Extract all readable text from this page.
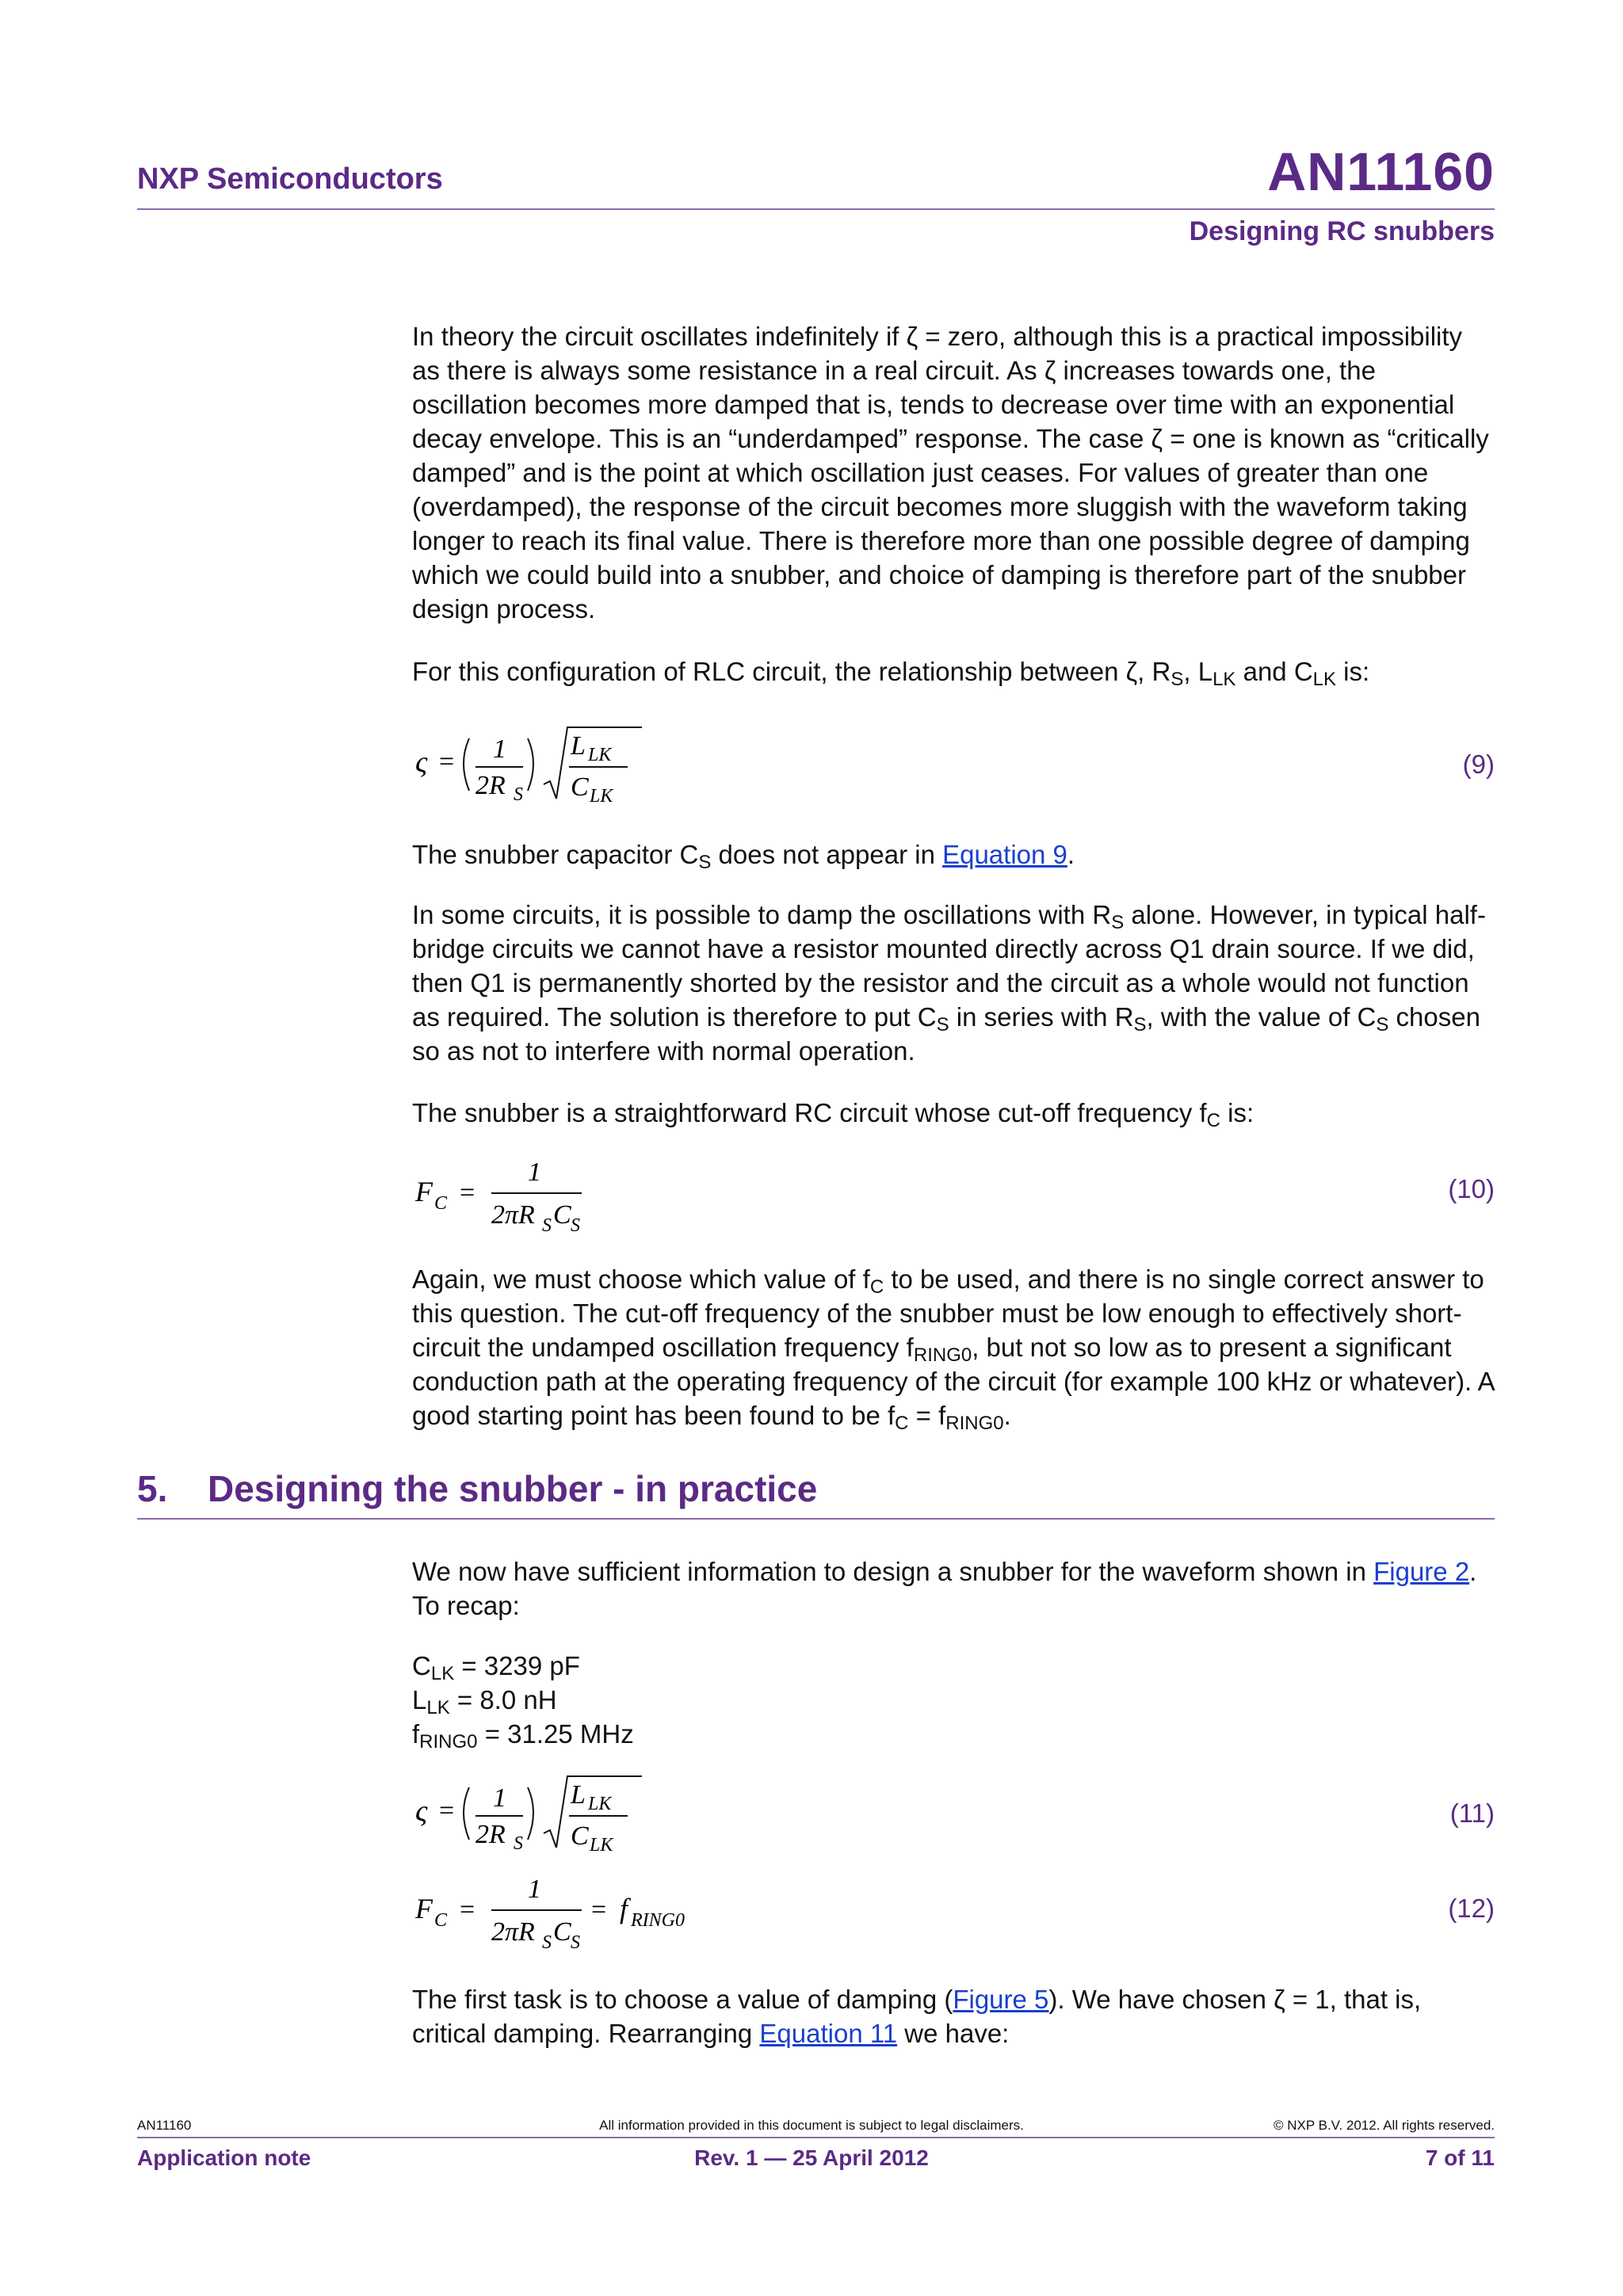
NXP Semiconductors	AN11160
Designing RC snubbers

In theory the circuit oscillates indefinitely if ζ = zero, although this is a practical impossibility as there is always some resistance in a real circuit. As ζ increases towards one, the oscillation becomes more damped that is, tends to decrease over time with an exponential decay envelope. This is an “underdamped” response. The case ζ = one is known as “critically damped” and is the point at which oscillation just ceases. For values of greater than one (overdamped), the response of the circuit becomes more sluggish with the waveform taking longer to reach its final value. There is therefore more than one possible degree of damping which we could build into a snubber, and choice of damping is therefore part of the snubber design process.

For this configuration of RLC circuit, the relationship between ζ, $R_S$, $L_{LK}$ and $C_{LK}$ is:

ς = 1
2R S
L LK
C LK
(9)

The snubber capacitor $C_S$ does not appear in Equation 9.

In some circuits, it is possible to damp the oscillations with $R_S$ alone. However, in typical half-bridge circuits we cannot have a resistor mounted directly across Q1 drain source. If we did, then Q1 is permanently shorted by the resistor and the circuit as a whole would not function as required. The solution is therefore to put $C_S$ in series with $R_S$, with the value of $C_S$ chosen so as not to interfere with normal operation.

The snubber is a straightforward RC circuit whose cut-off frequency $f_C$ is:

F C =
1
2πR S C S
(10)

Again, we must choose which value of $f_C$ to be used, and there is no single correct answer to this question. The cut-off frequency of the snubber must be low enough to effectively short-circuit the undamped oscillation frequency $f_{RING0}$, but not so low as to present a significant conduction path at the operating frequency of the circuit (for example 100 kHz or whatever). A good starting point has been found to be $f_C = f_{RING0}$.

5. Designing the snubber - in practice

We now have sufficient information to design a snubber for the waveform shown in Figure 2. To recap:

$C_{LK} = 3239$ pF

$L_{LK} = 8.0$ nH

$f_{RING0} = 31.25$ MHz

ς = 1
2R S
L LK
C LK
(11)
F C =
1
2πR S C S
= f RING0	(12)

The first task is to choose a value of damping (Figure 5). We have chosen ζ = 1, that is, critical damping. Rearranging Equation 11 we have:

AN11160	All information provided in this document is subject to legal disclaimers.	© NXP B.V. 2012. All rights reserved.
Application note	Rev. 1 — 25 April 2012	7 of 11
